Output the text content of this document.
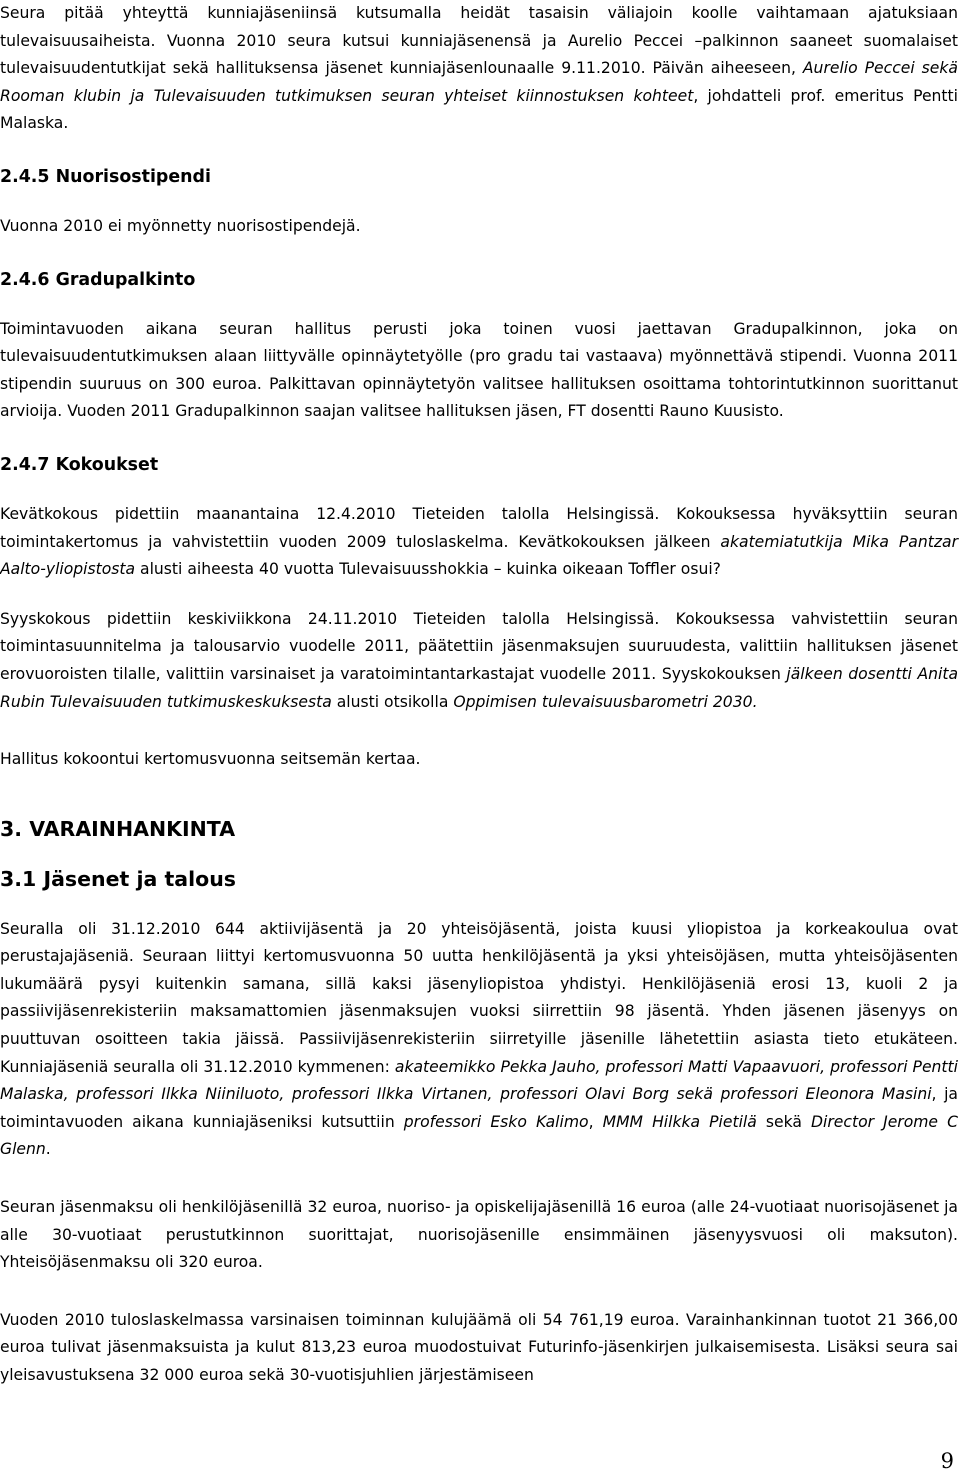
Seura pitää yhteyttä kunniajäseniinsä kutsumalla heidät tasaisin väliajoin koolle vaihtamaan ajatuksiaan tulevaisuusaiheista. Vuonna 2010 seura kutsui kunniajäsenensä ja Aurelio Peccei –palkinnon saaneet suomalaiset tulevaisuudentutkijat sekä hallituksensa jäsenet kunniajäsenlounaalle 9.11.2010. Päivän aiheeseen, Aurelio Peccei sekä Rooman klubin ja Tulevaisuuden tutkimuksen seuran yhteiset kiinnostuksen kohteet, johdatteli prof. emeritus Pentti Malaska.

2.4.5 Nuorisostipendi

Vuonna 2010 ei myönnetty nuorisostipendejä.

2.4.6 Gradupalkinto

Toimintavuoden aikana seuran hallitus perusti joka toinen vuosi jaettavan Gradupalkinnon, joka on tulevaisuudentutkimuksen alaan liittyvälle opinnäytetyölle (pro gradu tai vastaava) myönnettävä stipendi. Vuonna 2011 stipendin suuruus on 300 euroa. Palkittavan opinnäytetyön valitsee hallituksen osoittama tohtorintutkinnon suorittanut arvioija. Vuoden 2011 Gradupalkinnon saajan valitsee hallituksen jäsen, FT dosentti Rauno Kuusisto.

2.4.7 Kokoukset

Kevätkokous pidettiin maanantaina 12.4.2010 Tieteiden talolla Helsingissä. Kokouksessa hyväksyttiin seuran toimintakertomus ja vahvistettiin vuoden 2009 tuloslaskelma. Kevätkokouksen jälkeen akatemiatutkija Mika Pantzar Aalto-yliopistosta alusti aiheesta 40 vuotta Tulevaisuusshokkia – kuinka oikeaan Toffler osui?

Syyskokous pidettiin keskiviikkona 24.11.2010 Tieteiden talolla Helsingissä. Kokouksessa vahvistettiin seuran toimintasuunnitelma ja talousarvio vuodelle 2011, päätettiin jäsenmaksujen suuruudesta, valittiin hallituksen jäsenet erovuoroisten tilalle, valittiin varsinaiset ja varatoimintantarkastajat vuodelle 2011. Syyskokouksen jälkeen dosentti Anita Rubin Tulevaisuuden tutkimuskeskuksesta alusti otsikolla Oppimisen tulevaisuusbarometri 2030.

Hallitus kokoontui kertomusvuonna seitsemän kertaa.

3. VARAINHANKINTA
3.1 Jäsenet ja talous

Seuralla oli 31.12.2010 644 aktiivijäsentä ja 20 yhteisöjäsentä, joista kuusi yliopistoa ja korkeakoulua ovat perustajajäseniä. Seuraan liittyi kertomusvuonna 50 uutta henkilöjäsentä ja yksi yhteisöjäsen, mutta yhteisöjäsenten lukumäärä pysyi kuitenkin samana, sillä kaksi jäsenyliopistoa yhdistyi. Henkilöjäseniä erosi 13, kuoli 2 ja passiivijäsenrekisteriin maksamattomien jäsenmaksujen vuoksi siirrettiin 98 jäsentä. Yhden jäsenen jäsenyys on puuttuvan osoitteen takia jäissä. Passiivijäsenrekisteriin siirretyille jäsenille lähetettiin asiasta tieto etukäteen. Kunniajäseniä seuralla oli 31.12.2010 kymmenen: akateemikko Pekka Jauho, professori Matti Vapaavuori, professori Pentti Malaska, professori Ilkka Niiniluoto, professori Ilkka Virtanen, professori Olavi Borg sekä professori Eleonora Masini, ja toimintavuoden aikana kunniajäseniksi kutsuttiin professori Esko Kalimo, MMM Hilkka Pietilä sekä Director Jerome C Glenn.

Seuran jäsenmaksu oli henkilöjäsenillä 32 euroa, nuoriso- ja opiskelijajäsenillä 16 euroa (alle 24-vuotiaat nuorisojäsenet ja alle 30-vuotiaat perustutkinnon suorittajat, nuorisojäsenille ensimmäinen jäsenyysvuosi oli maksuton). Yhteisöjäsenmaksu oli 320 euroa.

Vuoden 2010 tuloslaskelmassa varsinaisen toiminnan kulujäämä oli 54 761,19 euroa. Varainhankinnan tuotot 21 366,00 euroa tulivat jäsenmaksuista ja kulut 813,23 euroa muodostuivat Futurinfo-jäsenkirjen julkaisemisesta. Lisäksi seura sai yleisavustuksena 32 000 euroa sekä 30-vuotisjuhlien järjestämiseen

9
